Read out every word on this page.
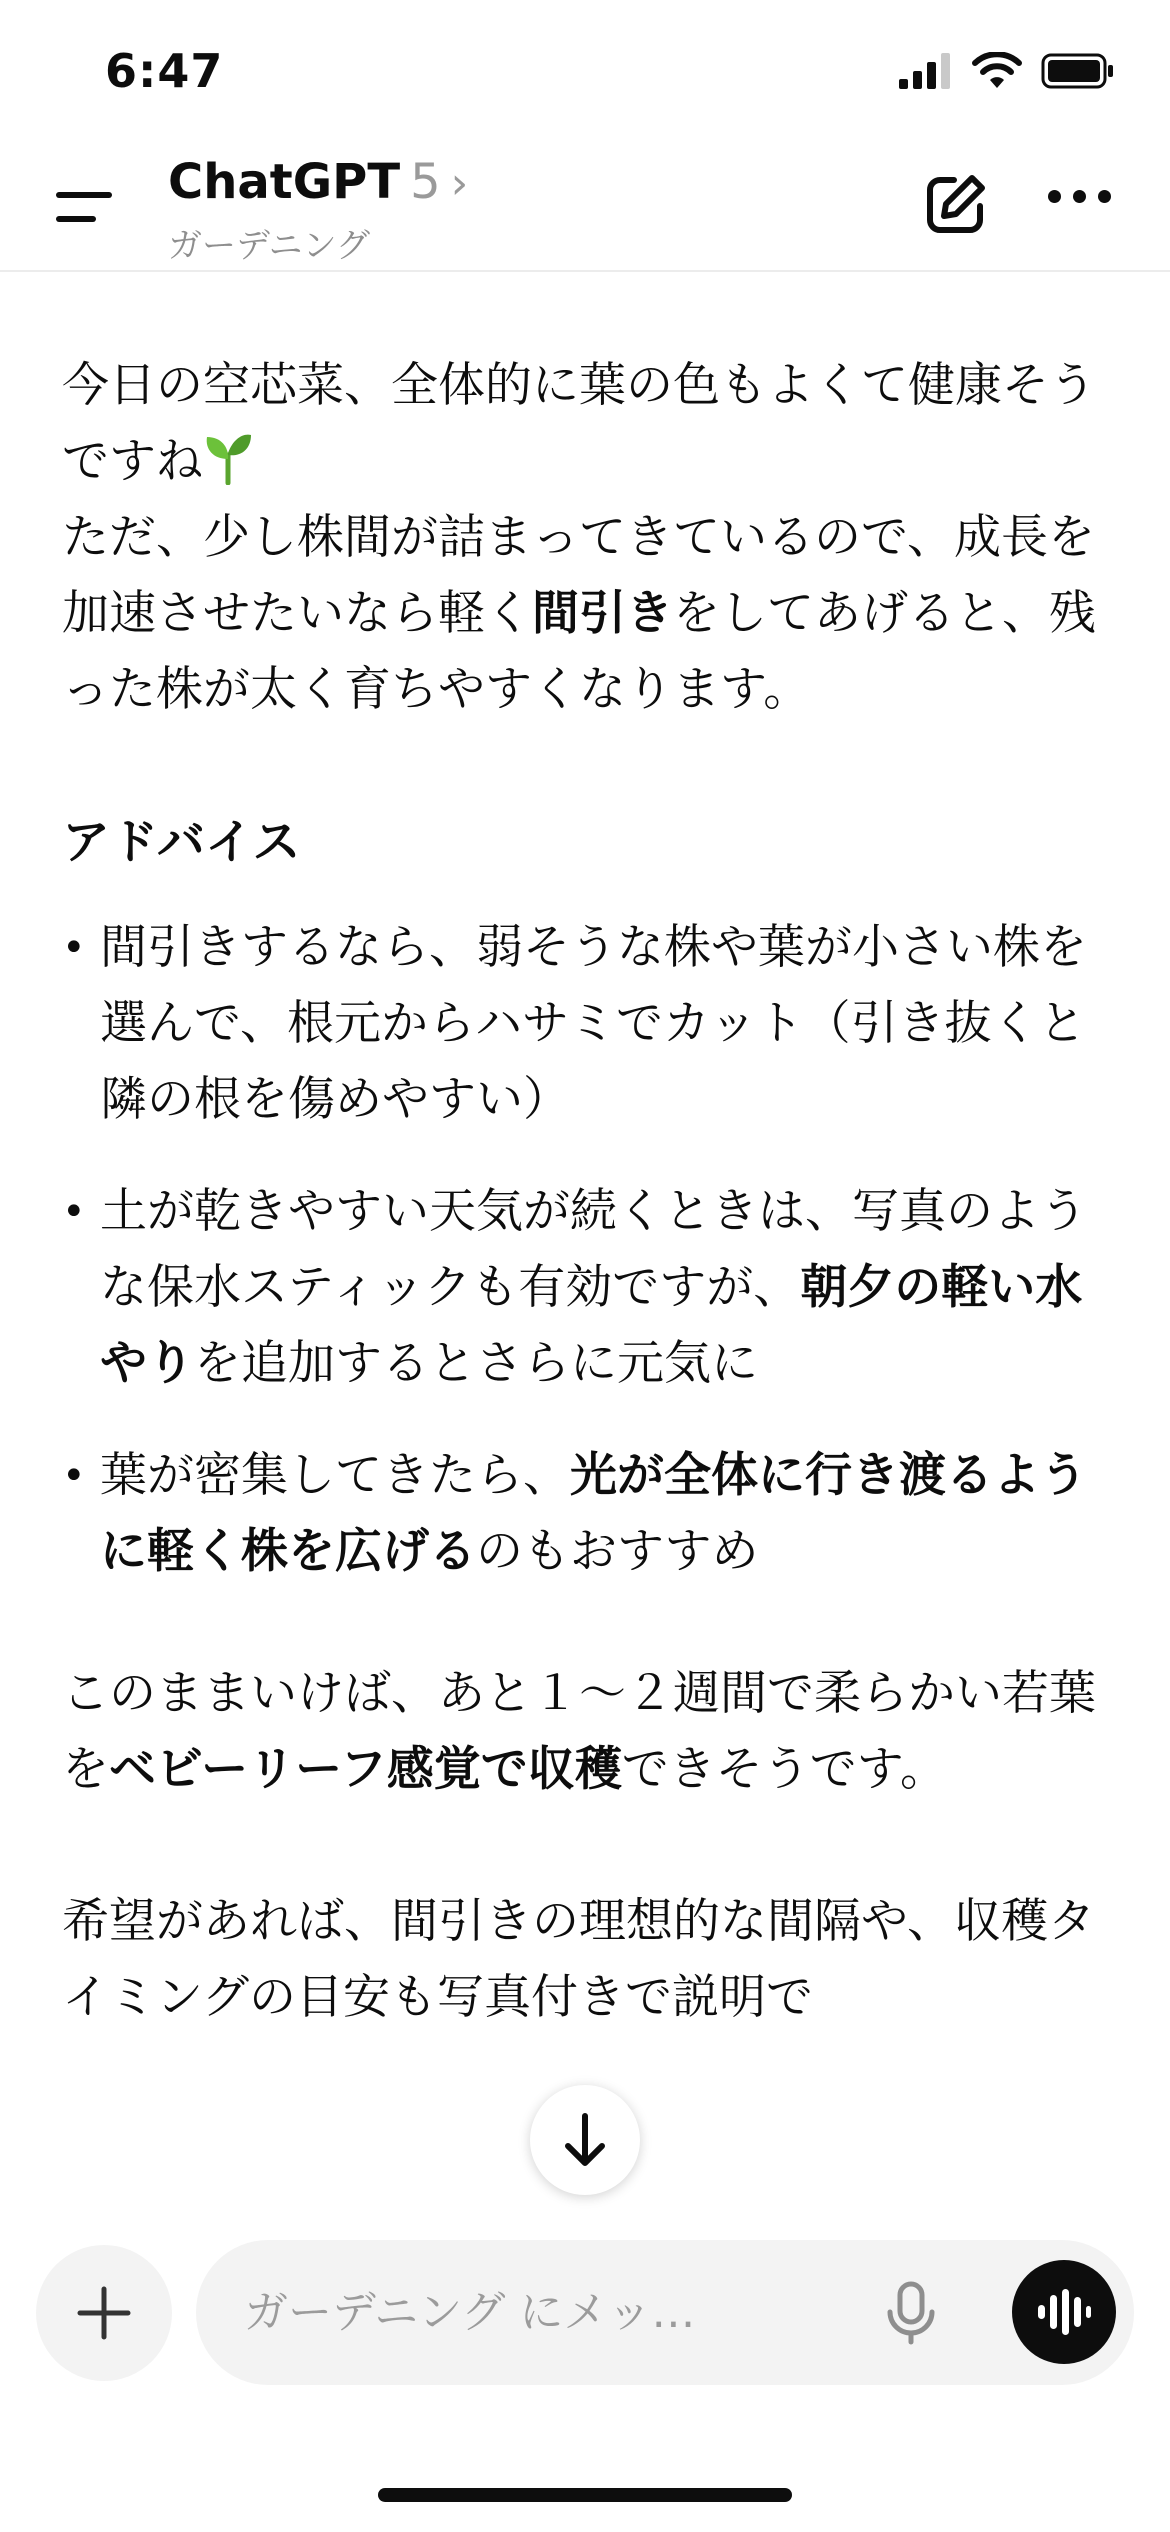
6:47
ChatGPT 5 ›
ガーデニング

今日の空芯菜、全体的に葉の色もよくて健康そうですね
ただ、少し株間が詰まってきているので、成長を加速させたいなら軽く間引きをしてあげると、残った株が太く育ちやすくなります。

アドバイス

• 間引きするなら、弱そうな株や葉が小さい株を選んで、根元からハサミでカット（引き抜くと隣の根を傷めやすい）
• 土が乾きやすい天気が続くときは、写真のような保水スティックも有効ですが、朝夕の軽い水やりを追加するとさらに元気に
• 葉が密集してきたら、光が全体に行き渡るように軽く株を広げるのもおすすめ

このままいけば、あと１〜２週間で柔らかい若葉をベビーリーフ感覚で収穫できそうです。

希望があれば、間引きの理想的な間隔や、収穫タイミングの目安も写真付きで説明で

ガーデニング にメッ…
